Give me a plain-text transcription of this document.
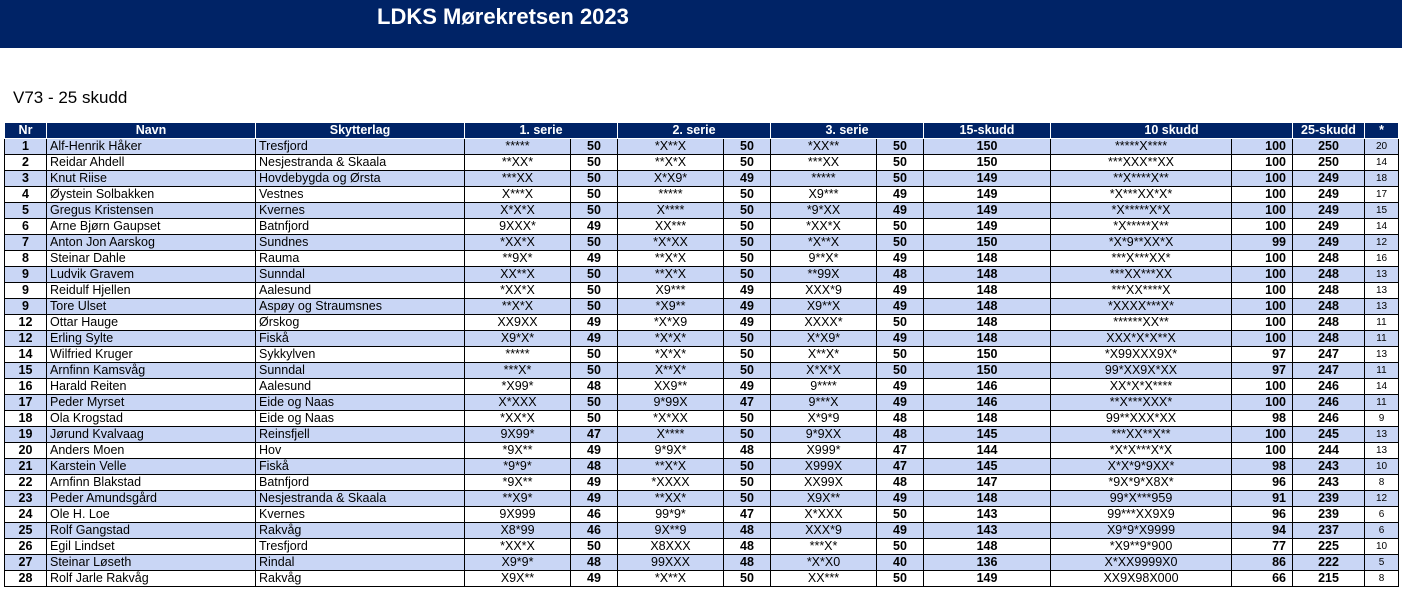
LDKS Mørekretsen 2023
V73 - 25 skudd
Nr	Navn	Skytterlag	1. serie		2. serie		3. serie		15-skudd	10 skudd		25-skudd	*
1	Alf-Henrik Håker	Tresfjord	*****	50	*X**X	50	*XX**	50	150	*****X****	100	250	20
2	Reidar Ahdell	Nesjestranda & Skaala	**XX*	50	**X*X	50	***XX	50	150	***XXX**XX	100	250	14
3	Knut Riise	Hovdebygda og Ørsta	***XX	50	X*X9*	49	*****	50	149	**X****X**	100	249	18
4	Øystein Solbakken	Vestnes	X***X	50	*****	50	X9***	49	149	*X***XX*X*	100	249	17
5	Gregus Kristensen	Kvernes	X*X*X	50	X****	50	*9*XX	49	149	*X*****X*X	100	249	15
6	Arne Bjørn Gaupset	Batnfjord	9XXX*	49	XX***	50	*XX*X	50	149	*X*****X**	100	249	14
7	Anton Jon Aarskog	Sundnes	*XX*X	50	*X*XX	50	*X**X	50	150	*X*9**XX*X	99	249	12
8	Steinar Dahle	Rauma	**9X*	49	**X*X	50	9**X*	49	148	***X***XX*	100	248	16
9	Ludvik Gravem	Sunndal	XX**X	50	**X*X	50	**99X	48	148	***XX***XX	100	248	13
9	Reidulf Hjellen	Aalesund	*XX*X	50	X9***	49	XXX*9	49	148	***XX****X	100	248	13
9	Tore Ulset	Aspøy og Straumsnes	**X*X	50	*X9**	49	X9**X	49	148	*XXXX***X*	100	248	13
12	Ottar Hauge	Ørskog	XX9XX	49	*X*X9	49	XXXX*	50	148	******XX**	100	248	11
12	Erling Sylte	Fiskå	X9*X*	49	*X*X*	50	X*X9*	49	148	XXX*X*X**X	100	248	11
14	Wilfried Kruger	Sykkylven	*****	50	*X*X*	50	X**X*	50	150	*X99XXX9X*	97	247	13
15	Arnfinn Kamsvåg	Sunndal	***X*	50	X**X*	50	X*X*X	50	150	99*XX9X*XX	97	247	11
16	Harald Reiten	Aalesund	*X99*	48	XX9**	49	9****	49	146	XX*X*X****	100	246	14
17	Peder Myrset	Eide og Naas	X*XXX	50	9*99X	47	9***X	49	146	**X***XXX*	100	246	11
18	Ola Krogstad	Eide og Naas	*XX*X	50	*X*XX	50	X*9*9	48	148	99**XXX*XX	98	246	9
19	Jørund Kvalvaag	Reinsfjell	9X99*	47	X****	50	9*9XX	48	145	***XX**X**	100	245	13
20	Anders Moen	Hov	*9X**	49	9*9X*	48	X999*	47	144	*X*X***X*X	100	244	13
21	Karstein Velle	Fiskå	*9*9*	48	**X*X	50	X999X	47	145	X*X*9*9XX*	98	243	10
22	Arnfinn Blakstad	Batnfjord	*9X**	49	*XXXX	50	XX99X	48	147	*9X*9*X8X*	96	243	8
23	Peder Amundsgård	Nesjestranda & Skaala	**X9*	49	**XX*	50	X9X**	49	148	99*X***959	91	239	12
24	Ole H. Loe	Kvernes	9X999	46	99*9*	47	X*XXX	50	143	99***XX9X9	96	239	6
25	Rolf Gangstad	Rakvåg	X8*99	46	9X**9	48	XXX*9	49	143	X9*9*X9999	94	237	6
26	Egil Lindset	Tresfjord	*XX*X	50	X8XXX	48	***X*	50	148	*X9**9*900	77	225	10
27	Steinar Løseth	Rindal	X9*9*	48	99XXX	48	*X*X0	40	136	X*XX9999X0	86	222	5
28	Rolf Jarle Rakvåg	Rakvåg	X9X**	49	*X**X	50	XX***	50	149	XX9X98X000	66	215	8
